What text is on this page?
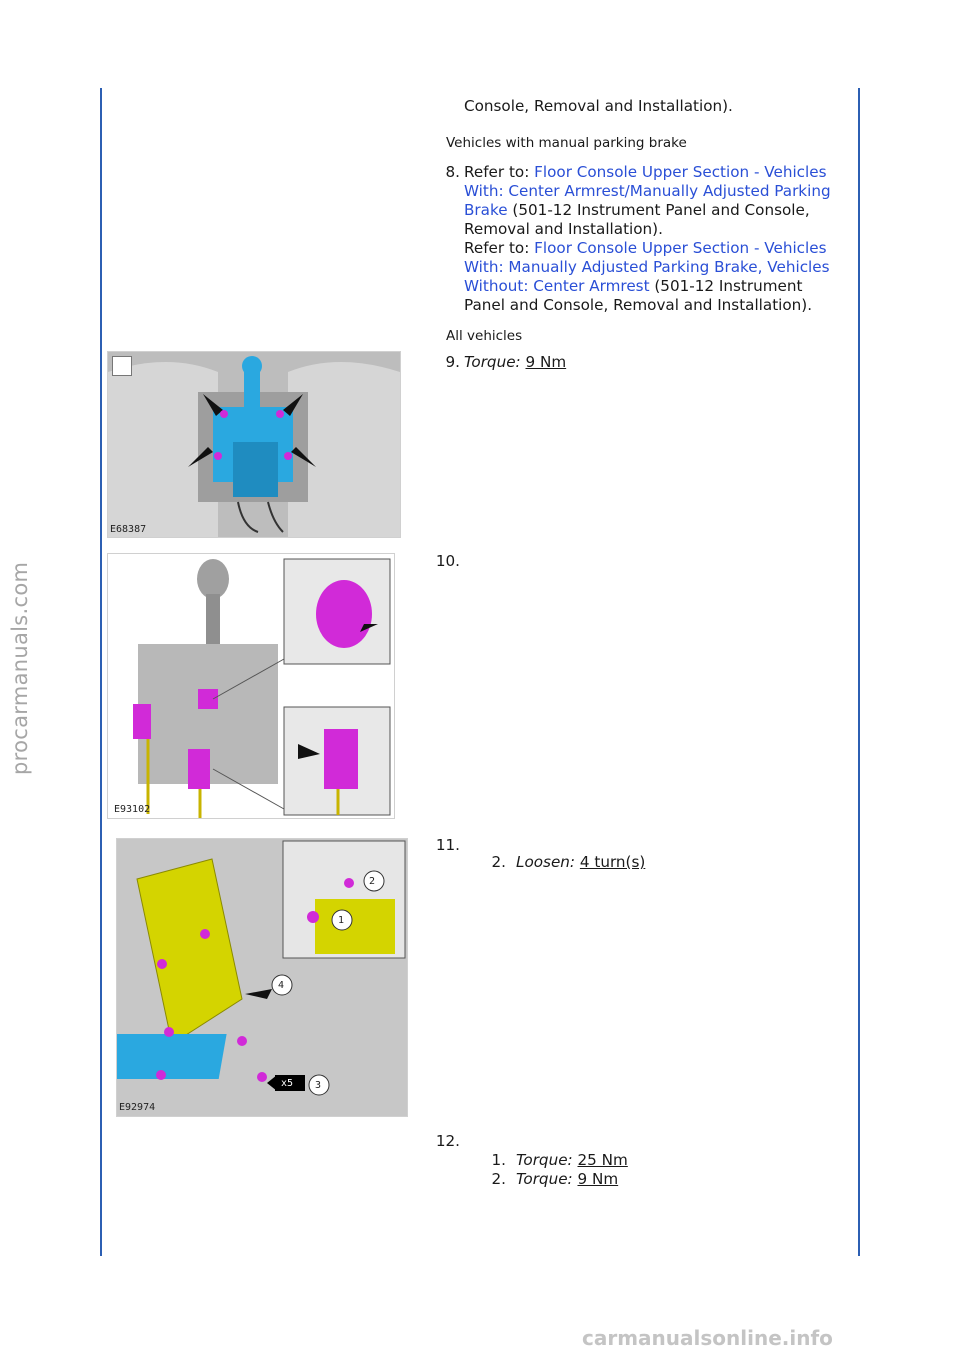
procarmanuals.com
carmanualsonline.info
Console, Removal and Installation).
Vehicles with manual parking brake
8. Refer to: Floor Console Upper Section - Vehicles
With: Center Armrest/Manually Adjusted Parking
Brake (501-12 Instrument Panel and Console,
Removal and Installation).
Refer to: Floor Console Upper Section - Vehicles
With: Manually Adjusted Parking Brake, Vehicles
Without: Center Armrest (501-12 Instrument
Panel and Console, Removal and Installation).
All vehicles
E68387
9. Torque: 9 Nm
E93102
10.
2
1
3
4
x5
E92974
11.
2. Loosen: 4 turn(s)
12.
1. Torque: 25 Nm
2. Torque: 9 Nm
